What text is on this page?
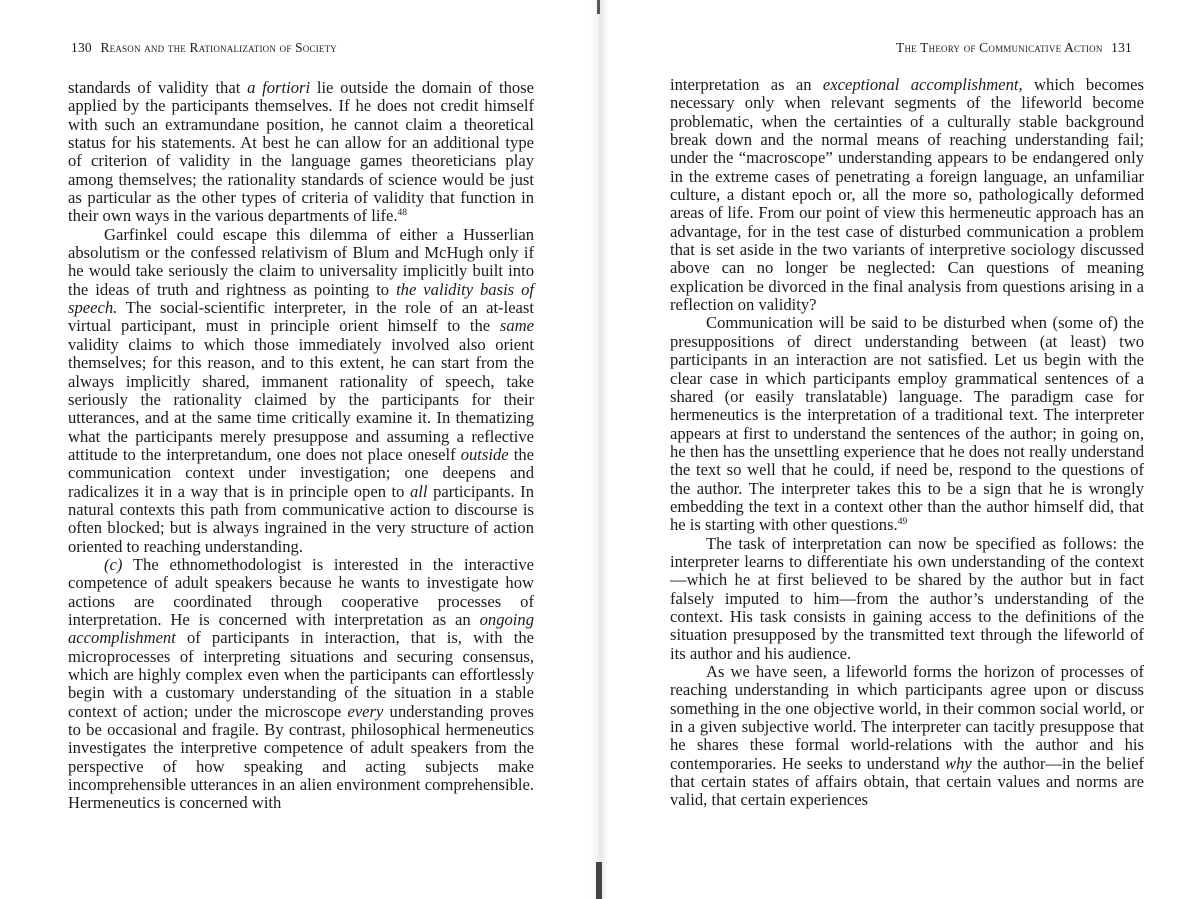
130 Reason and the Rationalization of Society

standards of validity that a fortiori lie outside the domain of those applied by the participants themselves. If he does not credit himself with such an extramundane position, he cannot claim a theoretical status for his statements. At best he can allow for an additional type of criterion of validity in the language games theoreticians play among themselves; the rationality standards of science would be just as particular as the other types of criteria of validity that function in their own ways in the various departments of life.$^{48}$

Garfinkel could escape this dilemma of either a Husserlian absolutism or the confessed relativism of Blum and McHugh only if he would take seriously the claim to universality implicitly built into the ideas of truth and rightness as pointing to the validity basis of speech. The social-scientific interpreter, in the role of an at-least virtual participant, must in principle orient himself to the same validity claims to which those immediately involved also orient themselves; for this reason, and to this extent, he can start from the always implicitly shared, immanent rationality of speech, take seriously the rationality claimed by the participants for their utterances, and at the same time critically examine it. In thematizing what the participants merely presuppose and assuming a reflective attitude to the interpretandum, one does not place oneself outside the communication context under investigation; one deepens and radicalizes it in a way that is in principle open to all participants. In natural contexts this path from communicative action to discourse is often blocked; but is always ingrained in the very structure of action oriented to reaching understanding.

(c) The ethnomethodologist is interested in the interactive competence of adult speakers because he wants to investigate how actions are coordinated through cooperative processes of interpretation. He is concerned with interpretation as an ongoing accomplishment of participants in interaction, that is, with the microprocesses of interpreting situations and securing consensus, which are highly complex even when the participants can effortlessly begin with a customary understanding of the situation in a stable context of action; under the microscope every understanding proves to be occasional and fragile. By contrast, philosophical hermeneutics investigates the interpretive competence of adult speakers from the perspective of how speaking and acting subjects make incomprehensible utterances in an alien environment comprehensible. Hermeneutics is concerned with

The Theory of Communicative Action 131

interpretation as an exceptional accomplishment, which becomes necessary only when relevant segments of the lifeworld become problematic, when the certainties of a culturally stable background break down and the normal means of reaching understanding fail; under the “macroscope” understanding appears to be endangered only in the extreme cases of penetrating a foreign language, an unfamiliar culture, a distant epoch or, all the more so, pathologically deformed areas of life. From our point of view this hermeneutic approach has an advantage, for in the test case of disturbed communication a problem that is set aside in the two variants of interpretive sociology discussed above can no longer be neglected: Can questions of meaning explication be divorced in the final analysis from questions arising in a reflection on validity?

Communication will be said to be disturbed when (some of) the presuppositions of direct understanding between (at least) two participants in an interaction are not satisfied. Let us begin with the clear case in which participants employ grammatical sentences of a shared (or easily translatable) language. The paradigm case for hermeneutics is the interpretation of a traditional text. The interpreter appears at first to understand the sentences of the author; in going on, he then has the unsettling experience that he does not really understand the text so well that he could, if need be, respond to the questions of the author. The interpreter takes this to be a sign that he is wrongly embedding the text in a context other than the author himself did, that he is starting with other questions.$^{49}$

The task of interpretation can now be specified as follows: the interpreter learns to differentiate his own understanding of the context—which he at first believed to be shared by the author but in fact falsely imputed to him—from the author’s understanding of the context. His task consists in gaining access to the definitions of the situation presupposed by the transmitted text through the lifeworld of its author and his audience.

As we have seen, a lifeworld forms the horizon of processes of reaching understanding in which participants agree upon or discuss something in the one objective world, in their common social world, or in a given subjective world. The interpreter can tacitly presuppose that he shares these formal world-relations with the author and his contemporaries. He seeks to understand why the author—in the belief that certain states of affairs obtain, that certain values and norms are valid, that certain experiences
